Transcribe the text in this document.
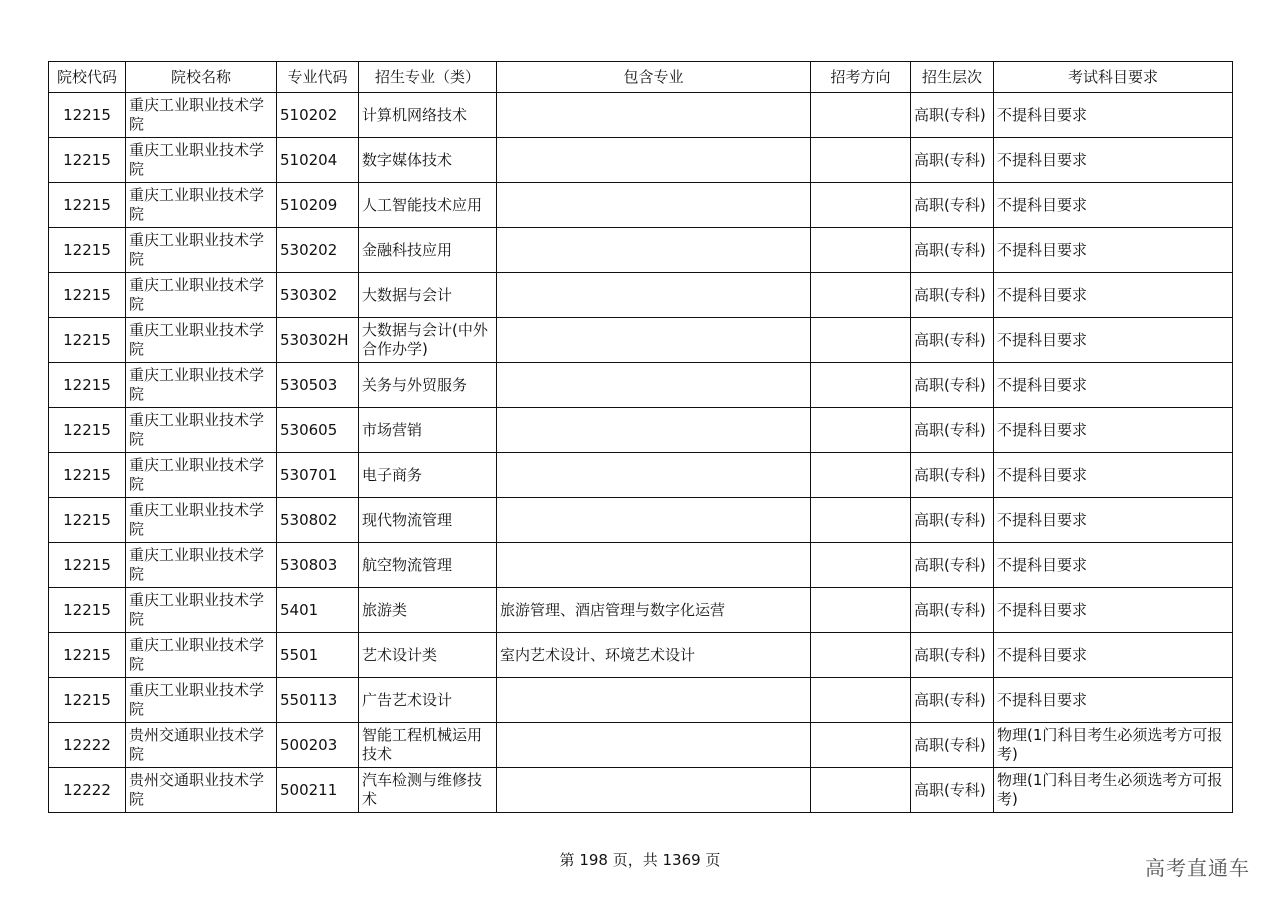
院校代码	院校名称	专业代码	招生专业（类）	包含专业	招考方向	招生层次	考试科目要求
12215	重庆工业职业技术学院	510202	计算机网络技术			高职(专科)	不提科目要求
12215	重庆工业职业技术学院	510204	数字媒体技术			高职(专科)	不提科目要求
12215	重庆工业职业技术学院	510209	人工智能技术应用			高职(专科)	不提科目要求
12215	重庆工业职业技术学院	530202	金融科技应用			高职(专科)	不提科目要求
12215	重庆工业职业技术学院	530302	大数据与会计			高职(专科)	不提科目要求
12215	重庆工业职业技术学院	530302H	大数据与会计(中外合作办学)			高职(专科)	不提科目要求
12215	重庆工业职业技术学院	530503	关务与外贸服务			高职(专科)	不提科目要求
12215	重庆工业职业技术学院	530605	市场营销			高职(专科)	不提科目要求
12215	重庆工业职业技术学院	530701	电子商务			高职(专科)	不提科目要求
12215	重庆工业职业技术学院	530802	现代物流管理			高职(专科)	不提科目要求
12215	重庆工业职业技术学院	530803	航空物流管理			高职(专科)	不提科目要求
12215	重庆工业职业技术学院	5401	旅游类	旅游管理、酒店管理与数字化运营		高职(专科)	不提科目要求
12215	重庆工业职业技术学院	5501	艺术设计类	室内艺术设计、环境艺术设计		高职(专科)	不提科目要求
12215	重庆工业职业技术学院	550113	广告艺术设计			高职(专科)	不提科目要求
12222	贵州交通职业技术学院	500203	智能工程机械运用技术			高职(专科)	物理(1门科目考生必须选考方可报考)
12222	贵州交通职业技术学院	500211	汽车检测与维修技术			高职(专科)	物理(1门科目考生必须选考方可报考)
第 198 页，共 1369 页	高考直通车
